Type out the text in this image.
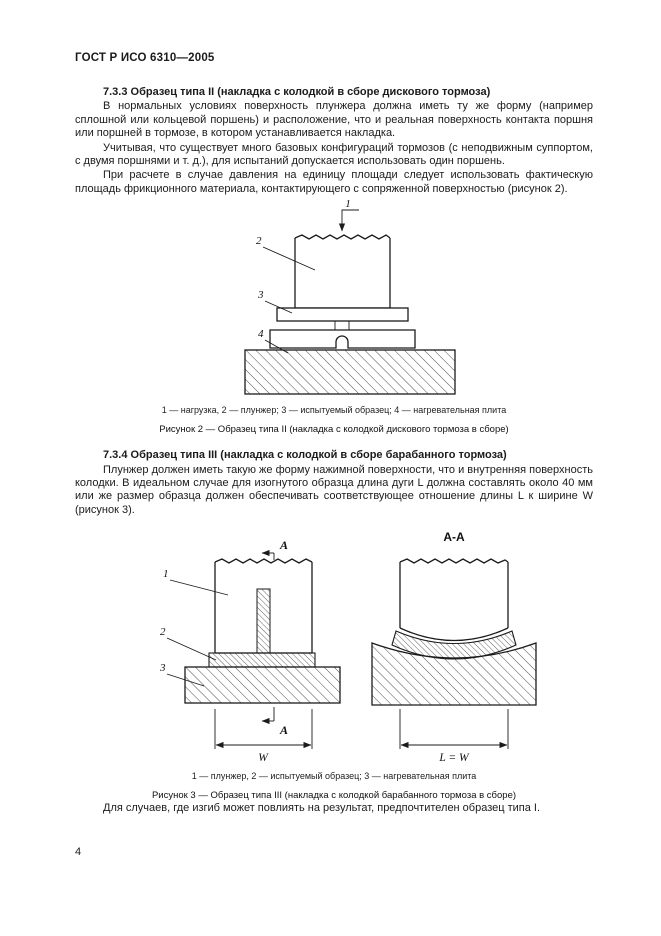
ГОСТ Р ИСО 6310—2005
7.3.3 Образец типа II (накладка с колодкой в сборе дискового тормоза)

В нормальных условиях поверхность плунжера должна иметь ту же форму (например сплошной или кольцевой поршень) и расположение, что и реальная поверхность контакта поршня или поршней в тормозе, в котором устанавливается накладка.

Учитывая, что существует много базовых конфигураций тормозов (с неподвижным суппортом, с двумя поршнями и т. д.), для испытаний допускается использовать один поршень.

При расчете в случае давления на единицу площади следует использовать фактическую площадь фрикционного материала, контактирующего с сопряженной поверхностью (рисунок 2).

1
2
3
4
1 — нагрузка, 2 — плунжер; 3 — испытуемый образец; 4 — нагревательная плита
Рисунок 2 — Образец типа II (накладка с колодкой дискового тормоза в сборе)
7.3.4 Образец типа III (накладка с колодкой в сборе барабанного тормоза)

Плунжер должен иметь такую же форму нажимной поверхности, что и внутренняя поверхность колодки. В идеальном случае для изогнутого образца длина дуги L должна составлять около 40 мм или же размер образца должен обеспечивать соответствующее отношение длины L к ширине W (рисунок 3).

А
1
2
3
А
W
А-А
L = W
1 — плунжер, 2 — испытуемый образец; 3 — нагревательная плита
Рисунок 3 — Образец типа III (накладка с колодкой барабанного тормоза в сборе)

Для случаев, где изгиб может повлиять на результат, предпочтителен образец типа I.

4
